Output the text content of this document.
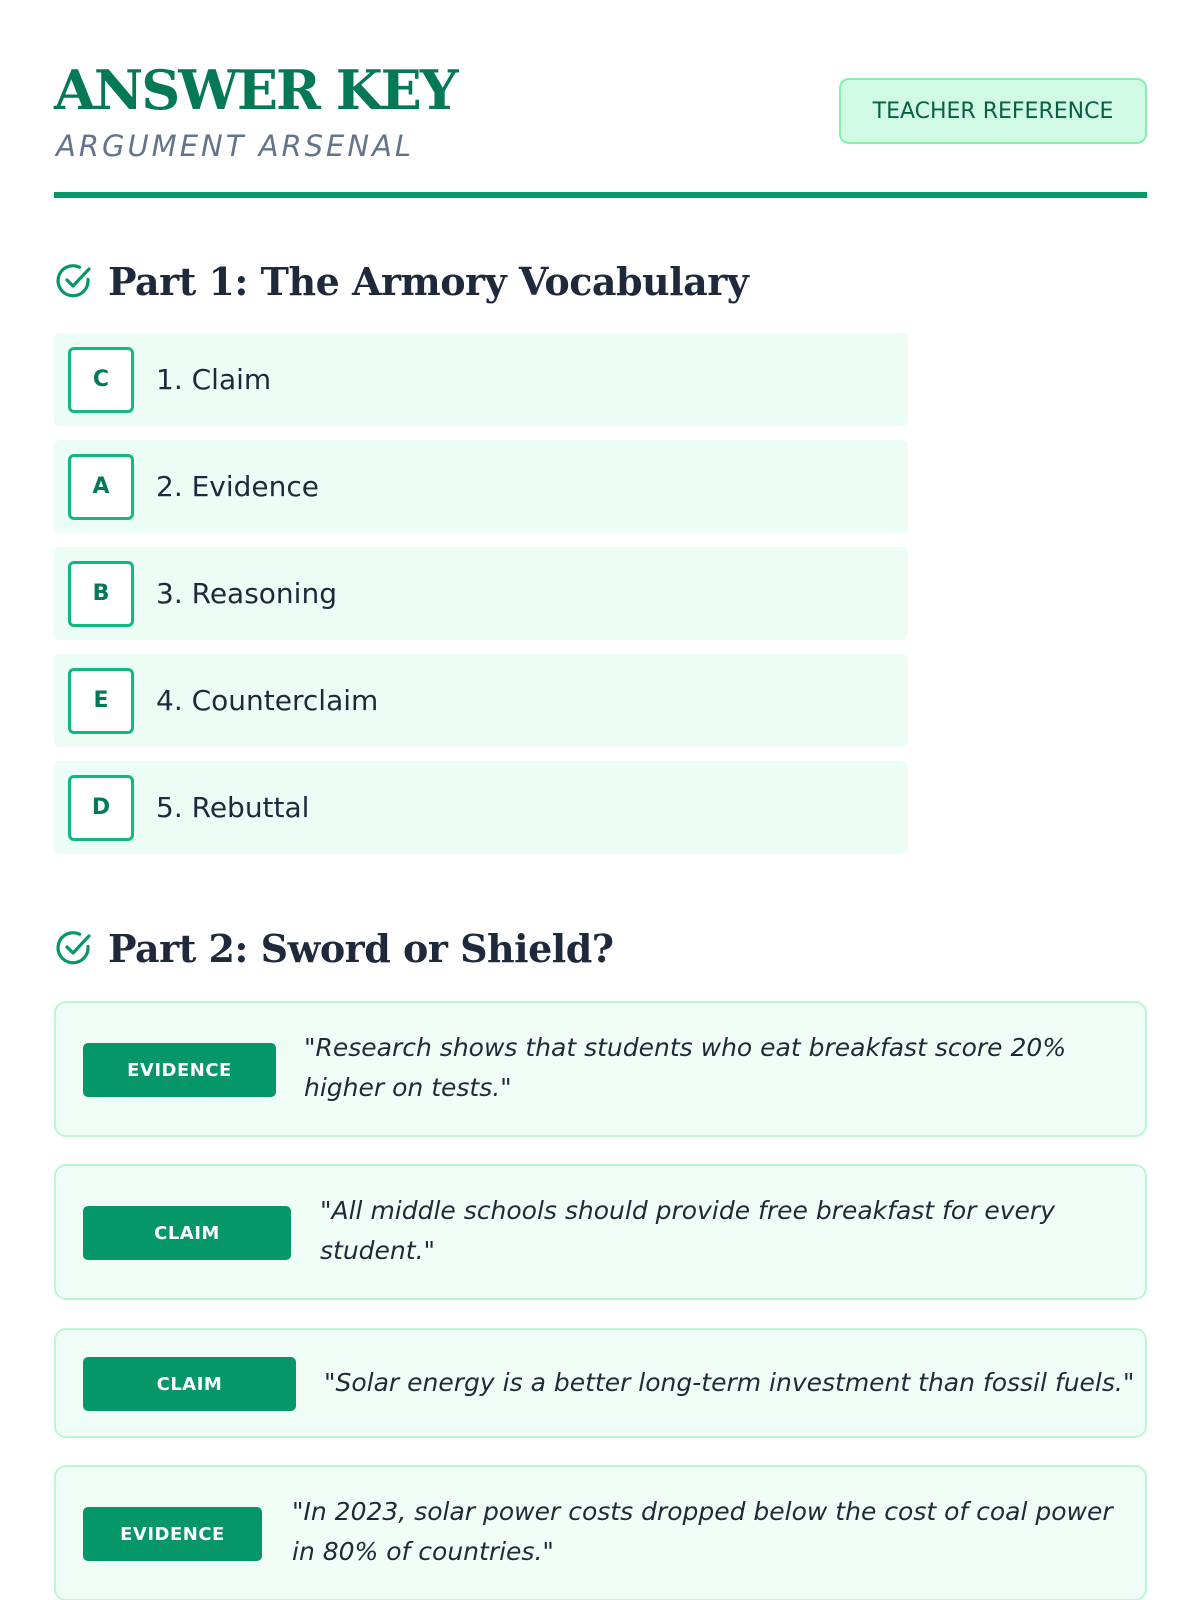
ANSWER KEY
ARGUMENT ARSENAL
TEACHER REFERENCE
Part 1: The Armory Vocabulary
C	1. Claim
A	2. Evidence
B	3. Reasoning
E	4. Counterclaim
D	5. Rebuttal
Part 2: Sword or Shield?
EVIDENCE
"Research shows that students who eat breakfast score 20% higher on tests."
CLAIM
"All middle schools should provide free breakfast for every student."
CLAIM	"Solar energy is a better long-term investment than fossil fuels."
EVIDENCE
"In 2023, solar power costs dropped below the cost of coal power in 80% of countries."
